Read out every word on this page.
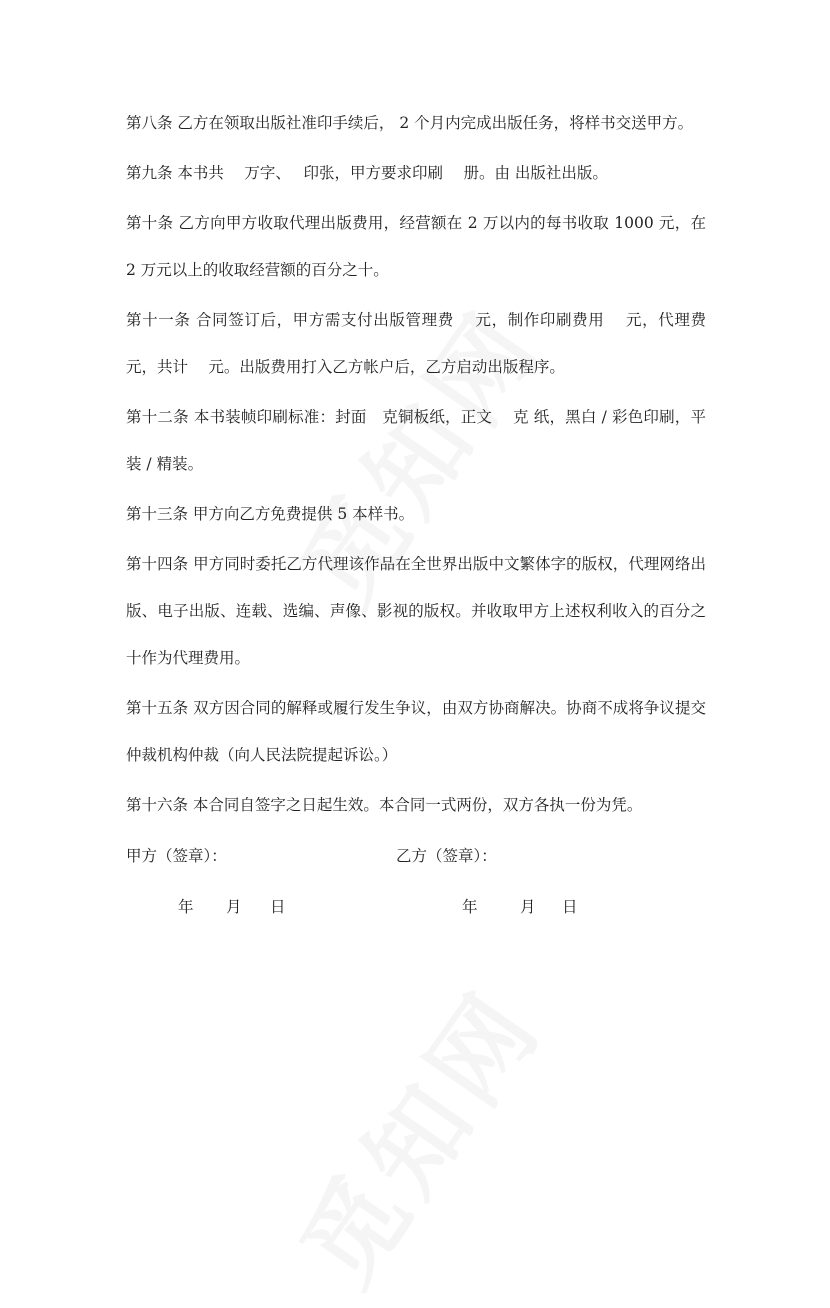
第八条 乙方在领取出版社准印手续后， 2 个月内完成出版任务，将样书交送甲方。

第九条 本书共　 万字、　 印张，甲方要求印刷　 册。由 出版社出版。

第十条 乙方向甲方收取代理出版费用，经营额在 2 万以内的每书收取 1000 元，在 2 万元以上的收取经营额的百分之十。

第十一条 合同签订后，甲方需支付出版管理费　 元，制作印刷费用　 元，代理费　 元，共计　 元。出版费用打入乙方帐户后，乙方启动出版程序。

第十二条 本书装帧印刷标准：封面　克铜板纸，正文　 克 纸，黑白 / 彩色印刷，平装 / 精装。

第十三条 甲方向乙方免费提供 5 本样书。

第十四条 甲方同时委托乙方代理该作品在全世界出版中文繁体字的版权，代理网络出版、电子出版、连载、选编、声像、影视的版权。并收取甲方上述权利收入的百分之十作为代理费用。

第十五条 双方因合同的解释或履行发生争议，由双方协商解决。协商不成将争议提交仲裁机构仲裁（向人民法院提起诉讼。）

第十六条 本合同自签字之日起生效。本合同一式两份，双方各执一份为凭。

甲方（签章）：	乙方（签章）：
年 月 日	年	月 日
